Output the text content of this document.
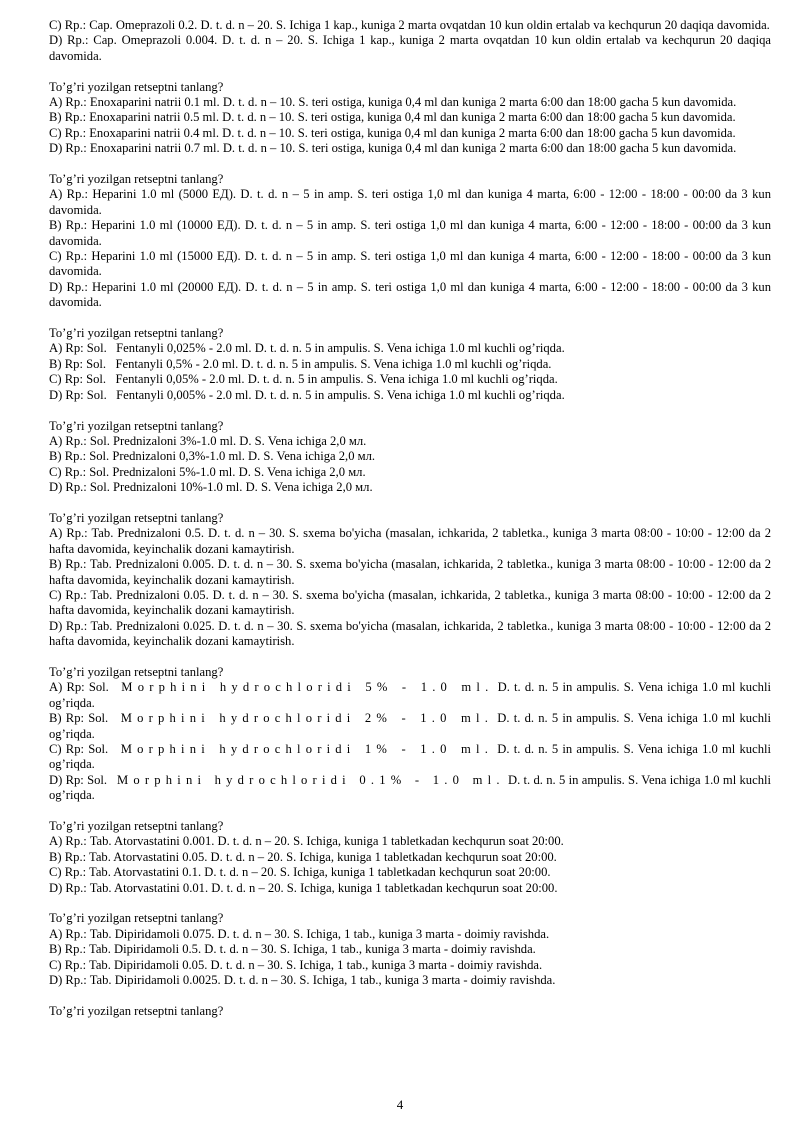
C) Rp.: Cap. Omeprazoli 0.2. D. t. d. n – 20. S. Ichiga 1 kap., kuniga 2 marta ovqatdan 10 kun oldin ertalab va kechqurun 20 daqiqa davomida.
D) Rp.: Cap. Omeprazoli 0.004. D. t. d. n – 20. S. Ichiga 1 kap., kuniga 2 marta ovqatdan 10 kun oldin ertalab va kechqurun 20 daqiqa davomida.
To’g’ri yozilgan retseptni tanlang?
A) Rp.: Enoxaparini natrii 0.1 ml. D. t. d. n – 10. S. teri ostiga, kuniga 0,4 ml dan kuniga 2 marta 6:00 dan 18:00 gacha 5 kun davomida.
B) Rp.: Enoxaparini natrii 0.5 ml. D. t. d. n – 10. S. teri ostiga, kuniga 0,4 ml dan kuniga 2 marta 6:00 dan 18:00 gacha 5 kun davomida.
C) Rp.: Enoxaparini natrii 0.4 ml. D. t. d. n – 10. S. teri ostiga, kuniga 0,4 ml dan kuniga 2 marta 6:00 dan 18:00 gacha 5 kun davomida.
D) Rp.: Enoxaparini natrii 0.7 ml. D. t. d. n – 10. S. teri ostiga, kuniga 0,4 ml dan kuniga 2 marta 6:00 dan 18:00 gacha 5 kun davomida.
To’g’ri yozilgan retseptni tanlang?
A) Rp.: Heparini 1.0 ml (5000 ЕД). D. t. d. n – 5 in amp. S. teri ostiga 1,0 ml dan kuniga 4 marta, 6:00 - 12:00 - 18:00 - 00:00 da 3 kun davomida.
B) Rp.: Heparini 1.0 ml (10000 ЕД). D. t. d. n – 5 in amp. S. teri ostiga 1,0 ml dan kuniga 4 marta, 6:00 - 12:00 - 18:00 - 00:00 da 3 kun davomida.
C) Rp.: Heparini 1.0 ml (15000 ЕД). D. t. d. n – 5 in amp. S. teri ostiga 1,0 ml dan kuniga 4 marta, 6:00 - 12:00 - 18:00 - 00:00 da 3 kun davomida.
D) Rp.: Heparini 1.0 ml (20000 ЕД). D. t. d. n – 5 in amp. S. teri ostiga 1,0 ml dan kuniga 4 marta, 6:00 - 12:00 - 18:00 - 00:00 da 3 kun davomida.
To’g’ri yozilgan retseptni tanlang?
A) Rp: Sol.   Fentanyli 0,025% - 2.0 ml. D. t. d. n. 5 in ampulis. S. Vena ichiga 1.0 ml kuchli og’riqda.
B) Rp: Sol.   Fentanyli 0,5% - 2.0 ml. D. t. d. n. 5 in ampulis. S. Vena ichiga 1.0 ml kuchli og’riqda.
C) Rp: Sol.   Fentanyli 0,05% - 2.0 ml. D. t. d. n. 5 in ampulis. S. Vena ichiga 1.0 ml kuchli og’riqda.
D) Rp: Sol.   Fentanyli 0,005% - 2.0 ml. D. t. d. n. 5 in ampulis. S. Vena ichiga 1.0 ml kuchli og’riqda.
To’g’ri yozilgan retseptni tanlang?
A) Rp.: Sol. Prednizaloni 3%-1.0 ml. D. S. Vena ichiga 2,0 мл.
B) Rp.: Sol. Prednizaloni 0,3%-1.0 ml. D. S. Vena ichiga 2,0 мл.
C) Rp.: Sol. Prednizaloni 5%-1.0 ml. D. S. Vena ichiga 2,0 мл.
D) Rp.: Sol. Prednizaloni 10%-1.0 ml. D. S. Vena ichiga 2,0 мл.
To’g’ri yozilgan retseptni tanlang?
A) Rp.: Tab. Prednizaloni 0.5. D. t. d. n – 30. S. sxema bo'yicha (masalan, ichkarida, 2 tabletka., kuniga 3 marta 08:00 - 10:00 - 12:00 da 2 hafta davomida, keyinchalik dozani kamaytirish.
B) Rp.: Tab. Prednizaloni 0.005. D. t. d. n – 30. S. sxema bo'yicha (masalan, ichkarida, 2 tabletka., kuniga 3 marta 08:00 - 10:00 - 12:00 da 2 hafta davomida, keyinchalik dozani kamaytirish.
C) Rp.: Tab. Prednizaloni 0.05. D. t. d. n – 30. S. sxema bo'yicha (masalan, ichkarida, 2 tabletka., kuniga 3 marta 08:00 - 10:00 - 12:00 da 2 hafta davomida, keyinchalik dozani kamaytirish.
D) Rp.: Tab. Prednizaloni 0.025. D. t. d. n – 30. S. sxema bo'yicha (masalan, ichkarida, 2 tabletka., kuniga 3 marta 08:00 - 10:00 - 12:00 da 2 hafta davomida, keyinchalik dozani kamaytirish.
To’g’ri yozilgan retseptni tanlang?
A) Rp: Sol. Morphini hydrochloridi 5% - 1.0 ml. D. t. d. n. 5 in ampulis. S. Vena ichiga 1.0 ml kuchli og’riqda.
B) Rp: Sol. Morphini hydrochloridi 2% - 1.0 ml. D. t. d. n. 5 in ampulis. S. Vena ichiga 1.0 ml kuchli og’riqda.
C) Rp: Sol. Morphini hydrochloridi 1% - 1.0 ml. D. t. d. n. 5 in ampulis. S. Vena ichiga 1.0 ml kuchli og’riqda.
D) Rp: Sol. Morphini hydrochloridi 0.1% - 1.0 ml. D. t. d. n. 5 in ampulis. S. Vena ichiga 1.0 ml kuchli og’riqda.
To’g’ri yozilgan retseptni tanlang?
A) Rp.: Tab. Atorvastatini 0.001. D. t. d. n – 20. S. Ichiga, kuniga 1 tabletkadan kechqurun soat 20:00.
B) Rp.: Tab. Atorvastatini 0.05. D. t. d. n – 20. S. Ichiga, kuniga 1 tabletkadan kechqurun soat 20:00.
C) Rp.: Tab. Atorvastatini 0.1. D. t. d. n – 20. S. Ichiga, kuniga 1 tabletkadan kechqurun soat 20:00.
D) Rp.: Tab. Atorvastatini 0.01. D. t. d. n – 20. S. Ichiga, kuniga 1 tabletkadan kechqurun soat 20:00.
To’g’ri yozilgan retseptni tanlang?
A) Rp.: Tab. Dipiridamoli 0.075. D. t. d. n – 30. S. Ichiga, 1 tab., kuniga 3 marta - doimiy ravishda.
B) Rp.: Tab. Dipiridamoli 0.5. D. t. d. n – 30. S. Ichiga, 1 tab., kuniga 3 marta - doimiy ravishda.
C) Rp.: Tab. Dipiridamoli 0.05. D. t. d. n – 30. S. Ichiga, 1 tab., kuniga 3 marta - doimiy ravishda.
D) Rp.: Tab. Dipiridamoli 0.0025. D. t. d. n – 30. S. Ichiga, 1 tab., kuniga 3 marta - doimiy ravishda.
To’g’ri yozilgan retseptni tanlang?
4
